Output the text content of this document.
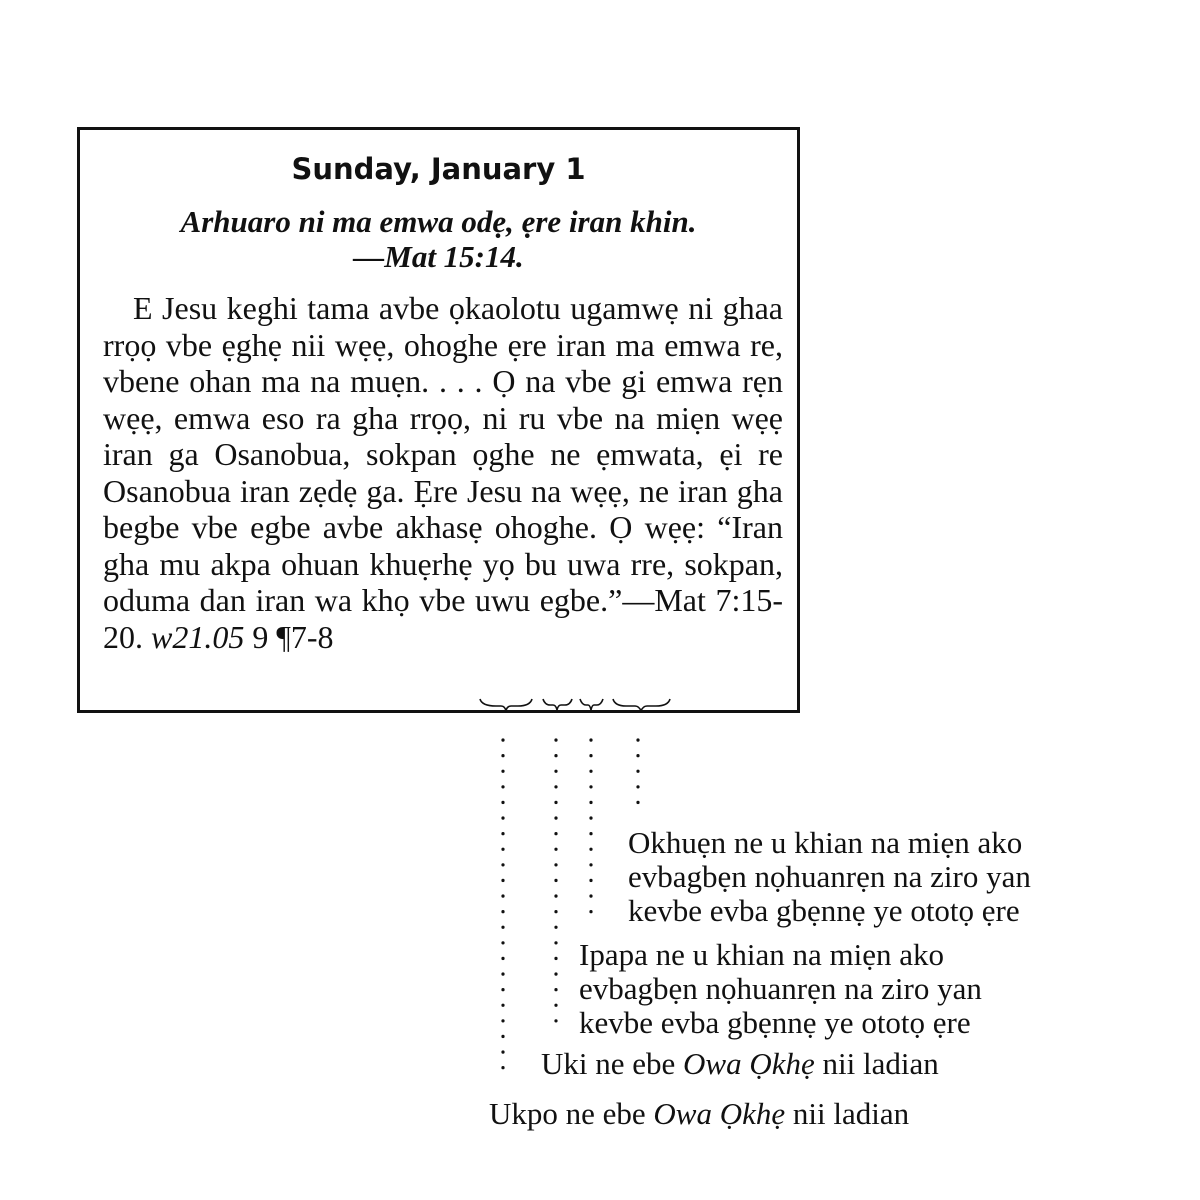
Sunday, January 1
Arhuaro ni ma emwa odẹ, ẹre iran khin.
—Mat 15:14.
E Jesu keghi tama avbe ọkaolotu ugamwẹ ni ghaa rrọọ vbe ẹghẹ nii wẹẹ, ohoghe ẹre iran ma emwa re, vbene ohan ma na muẹn. . . . Ọ na vbe gi emwa rẹn wẹẹ, emwa eso ra gha rrọọ, ni ru vbe na miẹn wẹẹ iran ga Osanobua, sokpan ọghe ne ẹmwata, ẹi re Osanobua iran zẹdẹ ga. Ẹre Jesu na wẹẹ, ne iran gha begbe vbe egbe avbe akhasẹ ohoghe. Ọ wẹẹ: “Iran gha mu akpa ohuan khuẹrhẹ yọ bu uwa rre, sokpan, oduma dan iran wa khọ vbe uwu egbe.”—Mat 7:15-20. w21.05 9 ¶7-8
Okhuẹn ne u khian na miẹn ako
evbagbẹn nọhuanrẹn na ziro yan
kevbe evba gbẹnnẹ ye ototọ ẹre
Ipapa ne u khian na miẹn ako
evbagbẹn nọhuanrẹn na ziro yan
kevbe evba gbẹnnẹ ye ototọ ẹre
Uki ne ebe Owa Ọkhẹ nii ladian
Ukpo ne ebe Owa Ọkhẹ nii ladian
